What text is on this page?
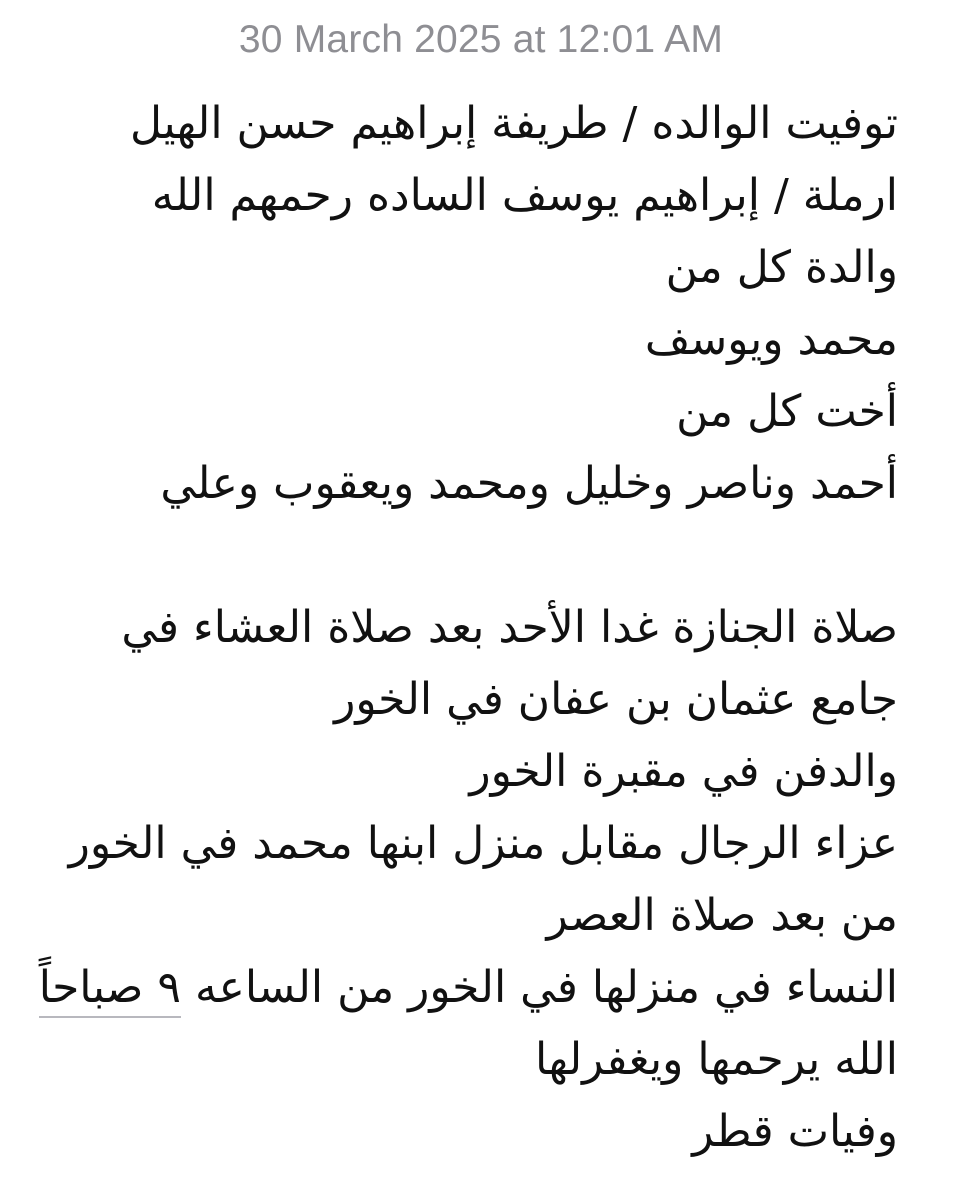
30 March 2025 at 12:01 AM
توفيت الوالده / طريفة إبراهيم حسن الهيل
ارملة / إبراهيم يوسف الساده رحمهم الله
والدة كل من
محمد ويوسف
أخت كل من
أحمد وناصر وخليل ومحمد ويعقوب وعلي
صلاة الجنازة غدا الأحد بعد صلاة العشاء في
جامع عثمان بن عفان في الخور
والدفن في مقبرة الخور
عزاء الرجال مقابل منزل ابنها محمد في الخور
من بعد صلاة العصر
النساء في منزلها في الخور من الساعه ٩ صباحاً
الله يرحمها ويغفرلها
وفيات قطر
